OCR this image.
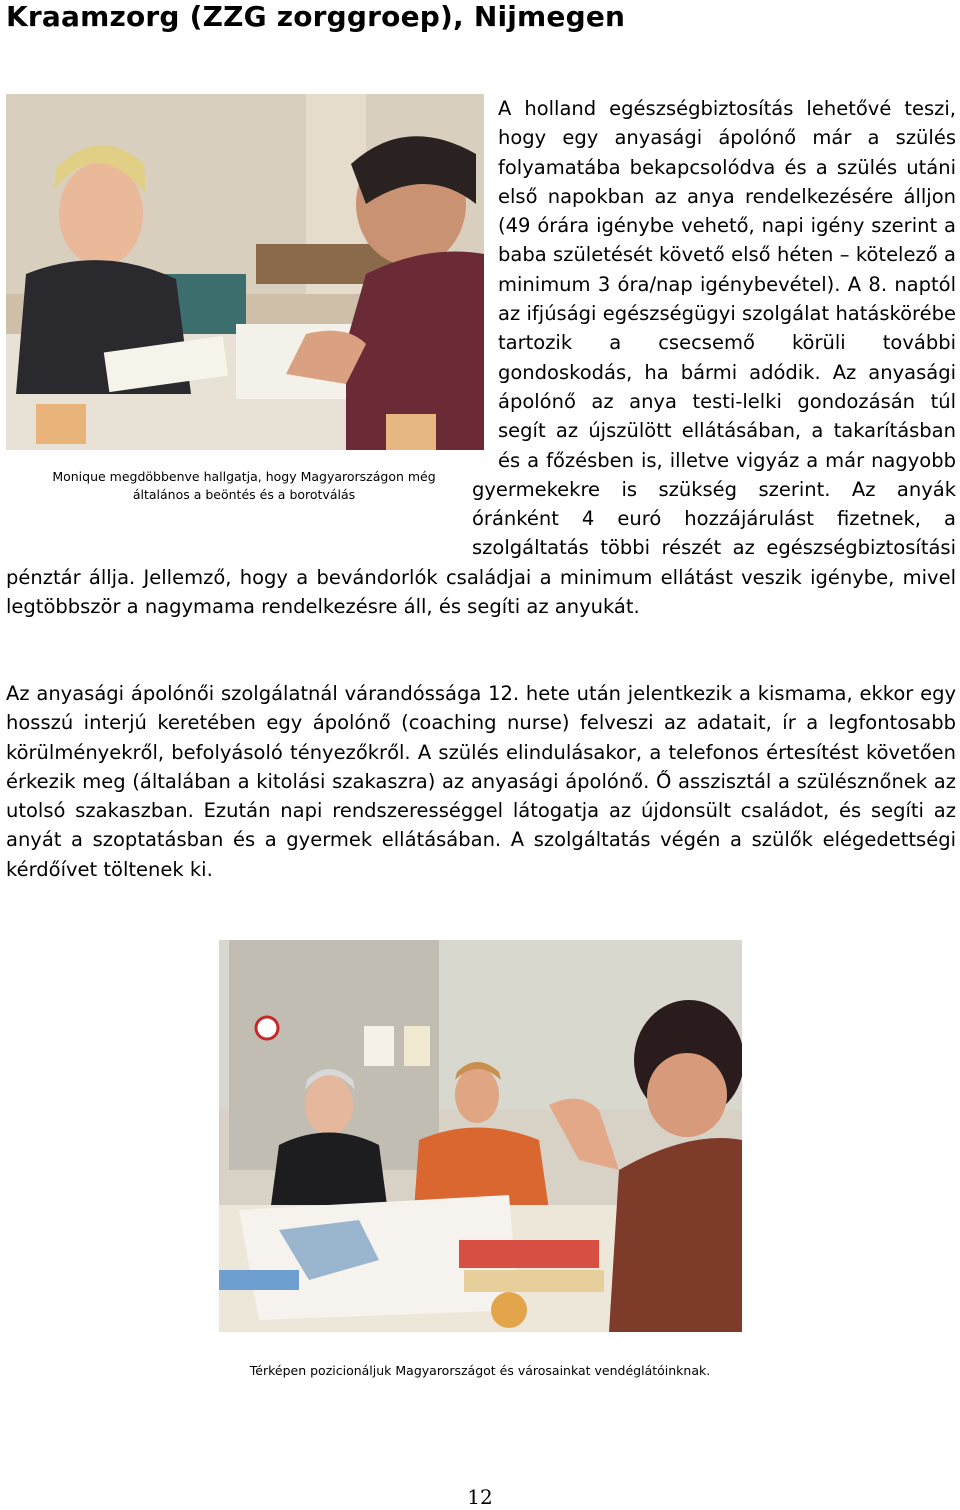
Kraamzorg (ZZG zorggroep), Nijmegen
Monique megdöbbenve hallgatja, hogy Magyarországon még általános a beöntés és a borotválás
A holland egészségbiztosítás lehetővé teszi, hogy egy anyasági ápolónő már a szülés folyamatába bekapcsolódva és a szülés utáni első napokban az anya rendelkezésére álljon (49 órára igénybe vehető, napi igény szerint a baba születését követő első héten – kötelező a minimum 3 óra/nap igénybevétel). A 8. naptól az ifjúsági egészségügyi szolgálat hatáskörébe tartozik a csecsemő körüli további gondoskodás, ha bármi adódik. Az anyasági ápolónő az anya testi-lelki gondozásán túl segít az újszülött ellátásában, a takarításban és a főzésben is, illetve vigyáz a már nagyobb gyermekekre is szükség szerint. Az anyák óránként 4 euró hozzájárulást fizetnek, a szolgáltatás többi részét az egészségbiztosítási pénztár állja. Jellemző, hogy a bevándorlók családjai a minimum ellátást veszik igénybe, mivel legtöbbször a nagymama rendelkezésre áll, és segíti az anyukát.

Az anyasági ápolónői szolgálatnál várandóssága 12. hete után jelentkezik a kismama, ekkor egy hosszú interjú keretében egy ápolónő (coaching nurse) felveszi az adatait, ír a legfontosabb körülményekről, befolyásoló tényezőkről. A szülés elindulásakor, a telefonos értesítést követően érkezik meg (általában a kitolási szakaszra) az anyasági ápolónő. Ő asszisztál a szülésznőnek az utolsó szakaszban. Ezután napi rendszerességgel látogatja az újdonsült családot, és segíti az anyát a szoptatásban és a gyermek ellátásában. A szolgáltatás végén a szülők elégedettségi kérdőívet töltenek ki.

Térképen pozicionáljuk Magyarországot és városainkat vendéglátóinknak.
12
